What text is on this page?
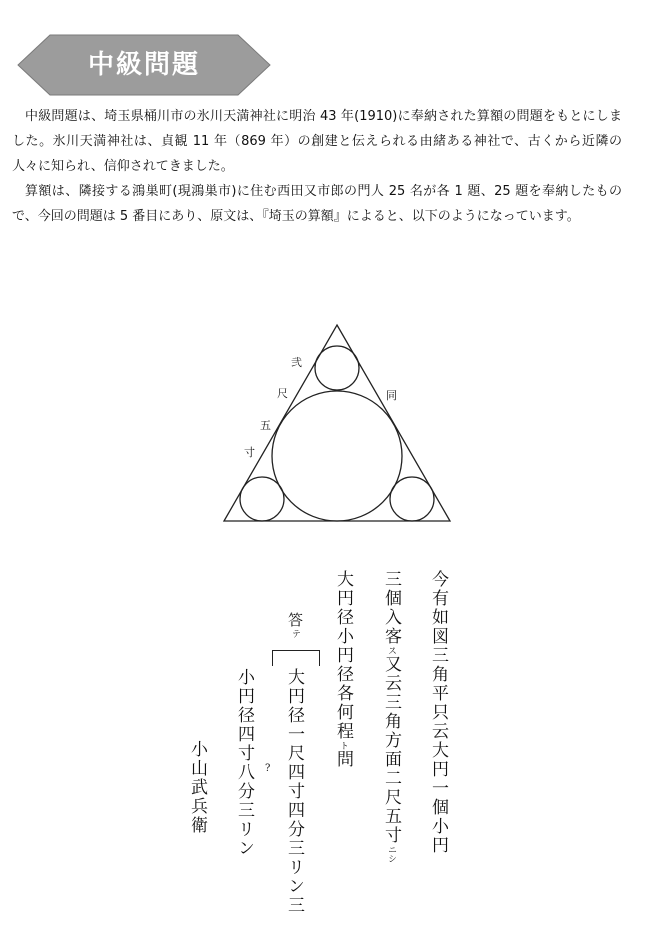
中級問題

中級問題は、埼玉県桶川市の氷川天満神社に明治 43 年(1910)に奉納された算額の問題をもとにしました。氷川天満神社は、貞観 11 年（869 年）の創建と伝えられる由緒ある神社で、古くから近隣の人々に知られ、信仰されてきました。

算額は、隣接する鴻巣町(現鴻巣市)に住む西田又市郎の門人 25 名が各 1 題、25 題を奉納したもので、今回の問題は 5 番目にあり、原文は、『埼玉の算額』によると、以下のようになっています。

弐
尺
五
寸
同
今有如図三角平只云大円一個小円
三個入客ス又云三角方面二尺五寸ニシ
大円径小円径各何程ト問
答テ
大円径一尺四寸四分三リン三
?
小円径四寸八分三リン
小山武兵衛
